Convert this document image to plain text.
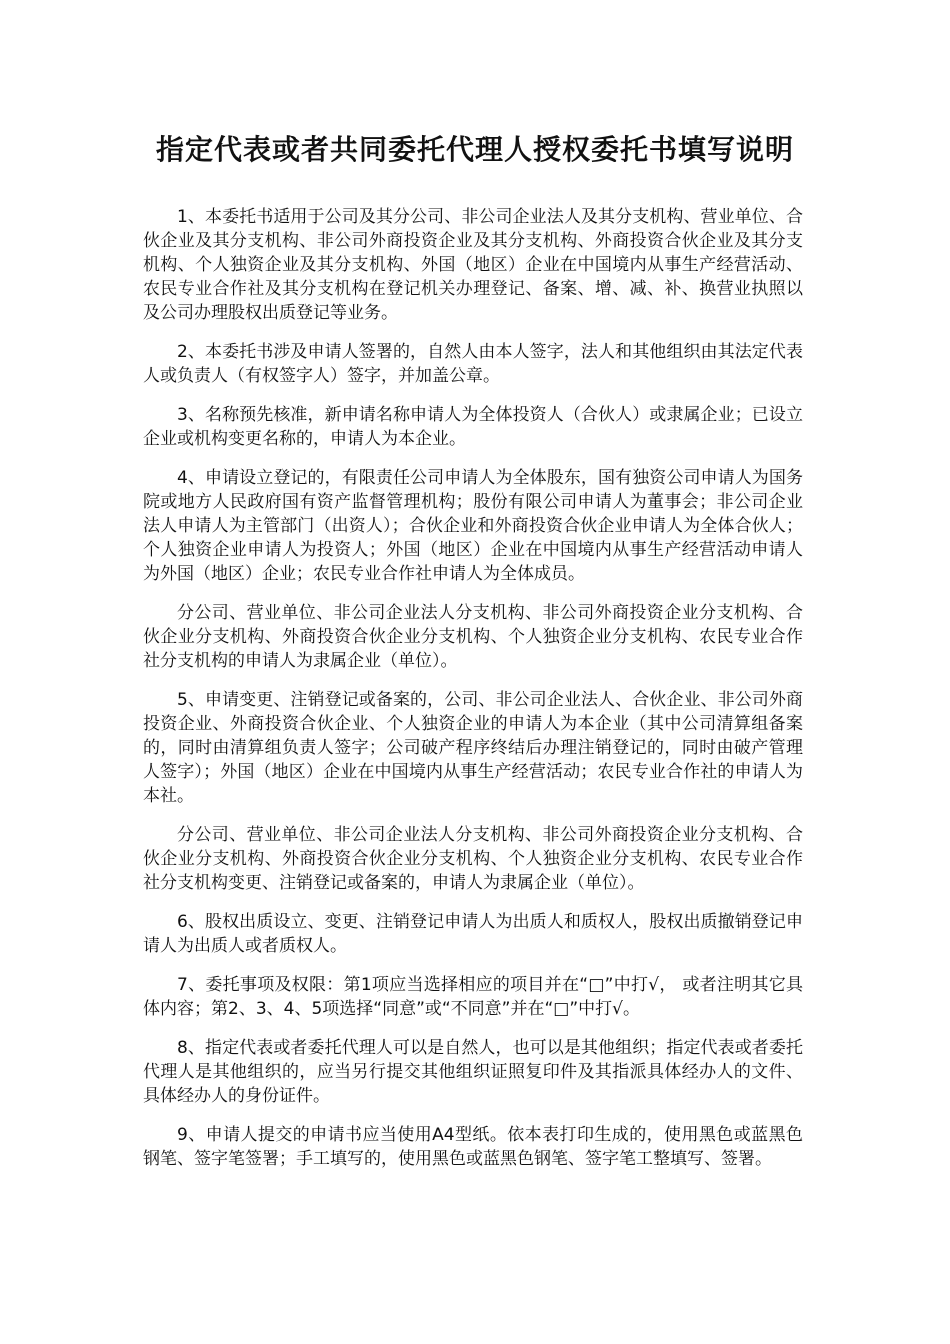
指定代表或者共同委托代理人授权委托书填写说明

1、本委托书适用于公司及其分公司、非公司企业法人及其分支机构、营业单位、合伙企业及其分支机构、非公司外商投资企业及其分支机构、外商投资合伙企业及其分支机构、个人独资企业及其分支机构、外国（地区）企业在中国境内从事生产经营活动、农民专业合作社及其分支机构在登记机关办理登记、备案、增、减、补、换营业执照以及公司办理股权出质登记等业务。

2、本委托书涉及申请人签署的，自然人由本人签字，法人和其他组织由其法定代表人或负责人（有权签字人）签字，并加盖公章。

3、名称预先核准，新申请名称申请人为全体投资人（合伙人）或隶属企业；已设立企业或机构变更名称的，申请人为本企业。

4、申请设立登记的，有限责任公司申请人为全体股东，国有独资公司申请人为国务院或地方人民政府国有资产监督管理机构；股份有限公司申请人为董事会；非公司企业法人申请人为主管部门（出资人）；合伙企业和外商投资合伙企业申请人为全体合伙人；个人独资企业申请人为投资人；外国（地区）企业在中国境内从事生产经营活动申请人为外国（地区）企业；农民专业合作社申请人为全体成员。

分公司、营业单位、非公司企业法人分支机构、非公司外商投资企业分支机构、合伙企业分支机构、外商投资合伙企业分支机构、个人独资企业分支机构、农民专业合作社分支机构的申请人为隶属企业（单位）。

5、申请变更、注销登记或备案的，公司、非公司企业法人、合伙企业、非公司外商投资企业、外商投资合伙企业、个人独资企业的申请人为本企业（其中公司清算组备案的，同时由清算组负责人签字；公司破产程序终结后办理注销登记的，同时由破产管理人签字）；外国（地区）企业在中国境内从事生产经营活动；农民专业合作社的申请人为本社。

分公司、营业单位、非公司企业法人分支机构、非公司外商投资企业分支机构、合伙企业分支机构、外商投资合伙企业分支机构、个人独资企业分支机构、农民专业合作社分支机构变更、注销登记或备案的，申请人为隶属企业（单位）。

6、股权出质设立、变更、注销登记申请人为出质人和质权人，股权出质撤销登记申请人为出质人或者质权人。

7、委托事项及权限：第1项应当选择相应的项目并在“□”中打√， 或者注明其它具体内容；第2、3、4、5项选择“同意”或“不同意”并在“□”中打√。

8、指定代表或者委托代理人可以是自然人，也可以是其他组织；指定代表或者委托代理人是其他组织的，应当另行提交其他组织证照复印件及其指派具体经办人的文件、具体经办人的身份证件。

9、申请人提交的申请书应当使用A4型纸。依本表打印生成的，使用黑色或蓝黑色钢笔、签字笔签署；手工填写的，使用黑色或蓝黑色钢笔、签字笔工整填写、签署。
